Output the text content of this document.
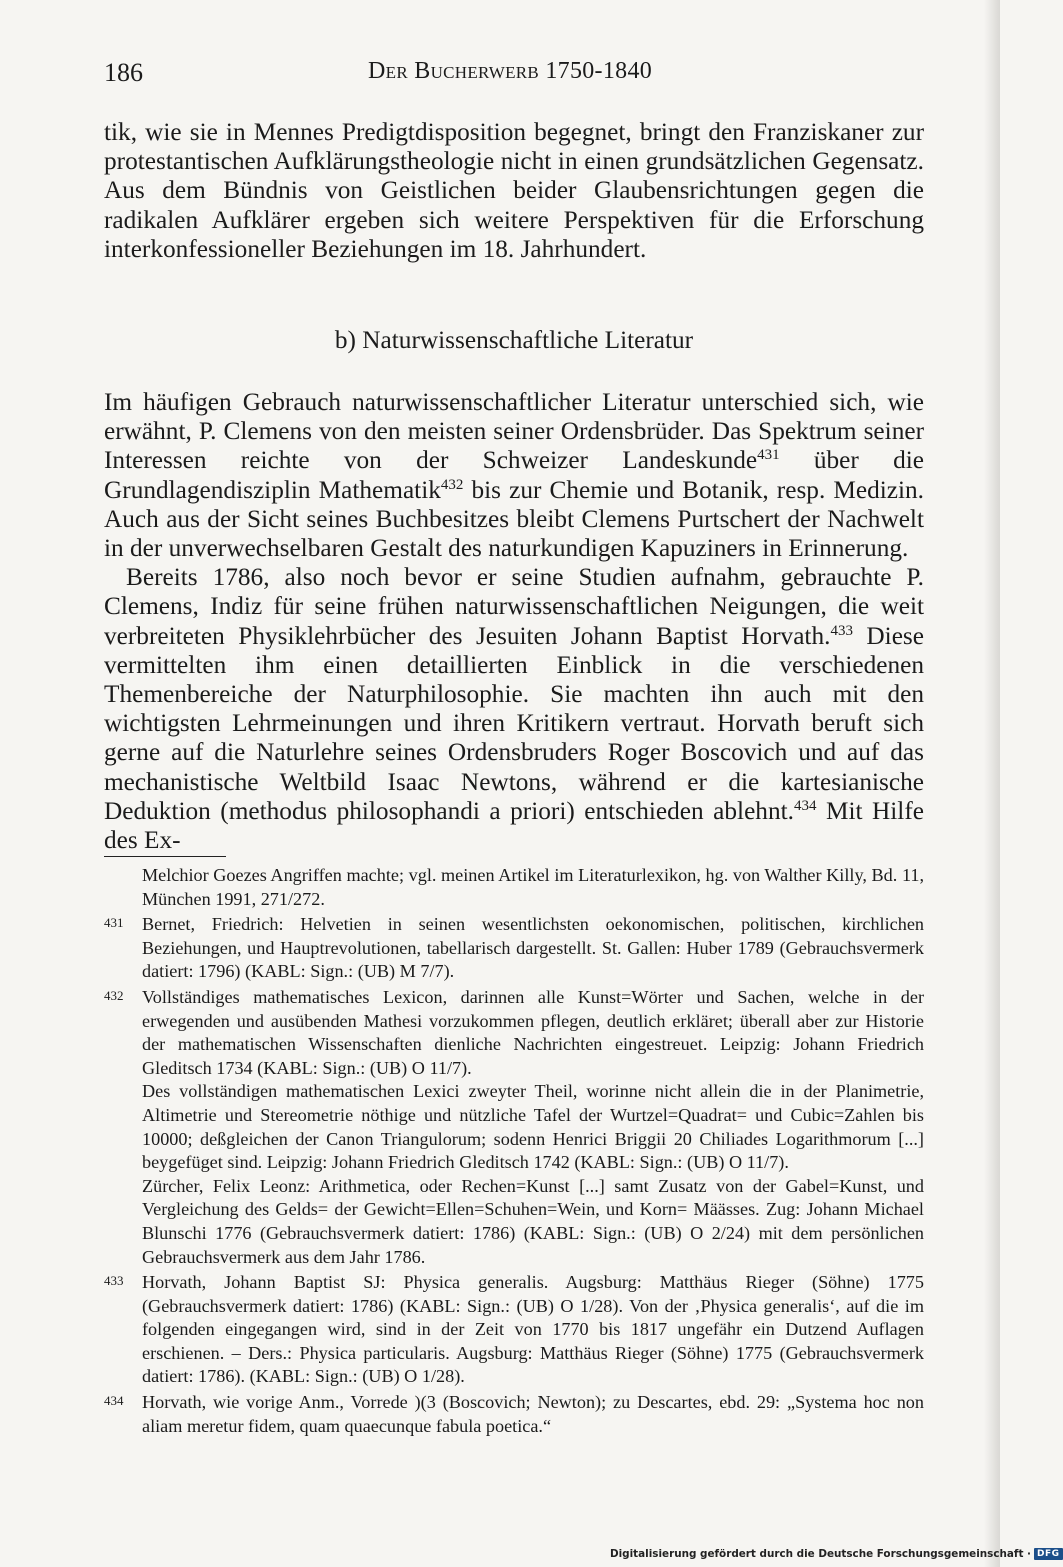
186	Der Bucherwerb 1750-1840

tik, wie sie in Mennes Predigtdisposition begegnet, bringt den Franziskaner zur protestantischen Aufklärungstheologie nicht in einen grundsätzlichen Gegensatz. Aus dem Bündnis von Geistlichen beider Glaubensrichtungen gegen die radikalen Aufklärer ergeben sich weitere Perspektiven für die Erforschung interkonfessioneller Beziehungen im 18. Jahrhundert.

b) Naturwissenschaftliche Literatur

Im häufigen Gebrauch naturwissenschaftlicher Literatur unterschied sich, wie erwähnt, P. Clemens von den meisten seiner Ordensbrüder. Das Spektrum seiner Interessen reichte von der Schweizer Landeskunde$^{431}$ über die Grundlagendisziplin Mathematik$^{432}$ bis zur Chemie und Botanik, resp. Medizin. Auch aus der Sicht seines Buchbesitzes bleibt Clemens Purtschert der Nachwelt in der unverwechselbaren Gestalt des naturkundigen Kapuziners in Erinnerung.

Bereits 1786, also noch bevor er seine Studien aufnahm, gebrauchte P. Clemens, Indiz für seine frühen naturwissenschaftlichen Neigungen, die weit verbreiteten Physiklehrbücher des Jesuiten Johann Baptist Horvath.$^{433}$ Diese vermittelten ihm einen detaillierten Einblick in die verschiedenen Themenbereiche der Naturphilosophie. Sie machten ihn auch mit den wichtigsten Lehrmeinungen und ihren Kritikern vertraut. Horvath beruft sich gerne auf die Naturlehre seines Ordensbruders Roger Boscovich und auf das mechanistische Weltbild Isaac Newtons, während er die kartesianische Deduktion (methodus philosophandi a priori) entschieden ablehnt.$^{434}$ Mit Hilfe des Ex-

Melchior Goezes Angriffen machte; vgl. meinen Artikel im Literaturlexikon, hg. von Walther Killy, Bd. 11, München 1991, 271/272.

431 Bernet, Friedrich: Helvetien in seinen wesentlichsten oekonomischen, politischen, kirchlichen Beziehungen, und Hauptrevolutionen, tabellarisch dargestellt. St. Gallen: Huber 1789 (Gebrauchsvermerk datiert: 1796) (KABL: Sign.: (UB) M 7/7).

432 Vollständiges mathematisches Lexicon, darinnen alle Kunst=Wörter und Sachen, welche in der erwegenden und ausübenden Mathesi vorzukommen pflegen, deutlich erkläret; überall aber zur Historie der mathematischen Wissenschaften dienliche Nachrichten eingestreuet. Leipzig: Johann Friedrich Gleditsch 1734 (KABL: Sign.: (UB) O 11/7).

Des vollständigen mathematischen Lexici zweyter Theil, worinne nicht allein die in der Planimetrie, Altimetrie und Stereometrie nöthige und nützliche Tafel der Wurtzel=Quadrat= und Cubic=Zahlen bis 10000; deßgleichen der Canon Triangulorum; sodenn Henrici Briggii 20 Chiliades Logarithmorum [...] beygefüget sind. Leipzig: Johann Friedrich Gleditsch 1742 (KABL: Sign.: (UB) O 11/7).

Zürcher, Felix Leonz: Arithmetica, oder Rechen=Kunst [...] samt Zusatz von der Gabel=Kunst, und Vergleichung des Gelds= der Gewicht=Ellen=Schuhen=Wein, und Korn= Määsses. Zug: Johann Michael Blunschi 1776 (Gebrauchsvermerk datiert: 1786) (KABL: Sign.: (UB) O 2/24) mit dem persönlichen Gebrauchsvermerk aus dem Jahr 1786.

433 Horvath, Johann Baptist SJ: Physica generalis. Augsburg: Matthäus Rieger (Söhne) 1775 (Gebrauchsvermerk datiert: 1786) (KABL: Sign.: (UB) O 1/28). Von der ‚Physica generalis‘, auf die im folgenden eingegangen wird, sind in der Zeit von 1770 bis 1817 ungefähr ein Dutzend Auflagen erschienen. – Ders.: Physica particularis. Augsburg: Matthäus Rieger (Söhne) 1775 (Gebrauchsvermerk datiert: 1786). (KABL: Sign.: (UB) O 1/28).

434 Horvath, wie vorige Anm., Vorrede )(3 (Boscovich; Newton); zu Descartes, ebd. 29: „Systema hoc non aliam meretur fidem, quam quaecunque fabula poetica.“

Digitalisierung gefördert durch die Deutsche Forschungsgemeinschaft · DFG
